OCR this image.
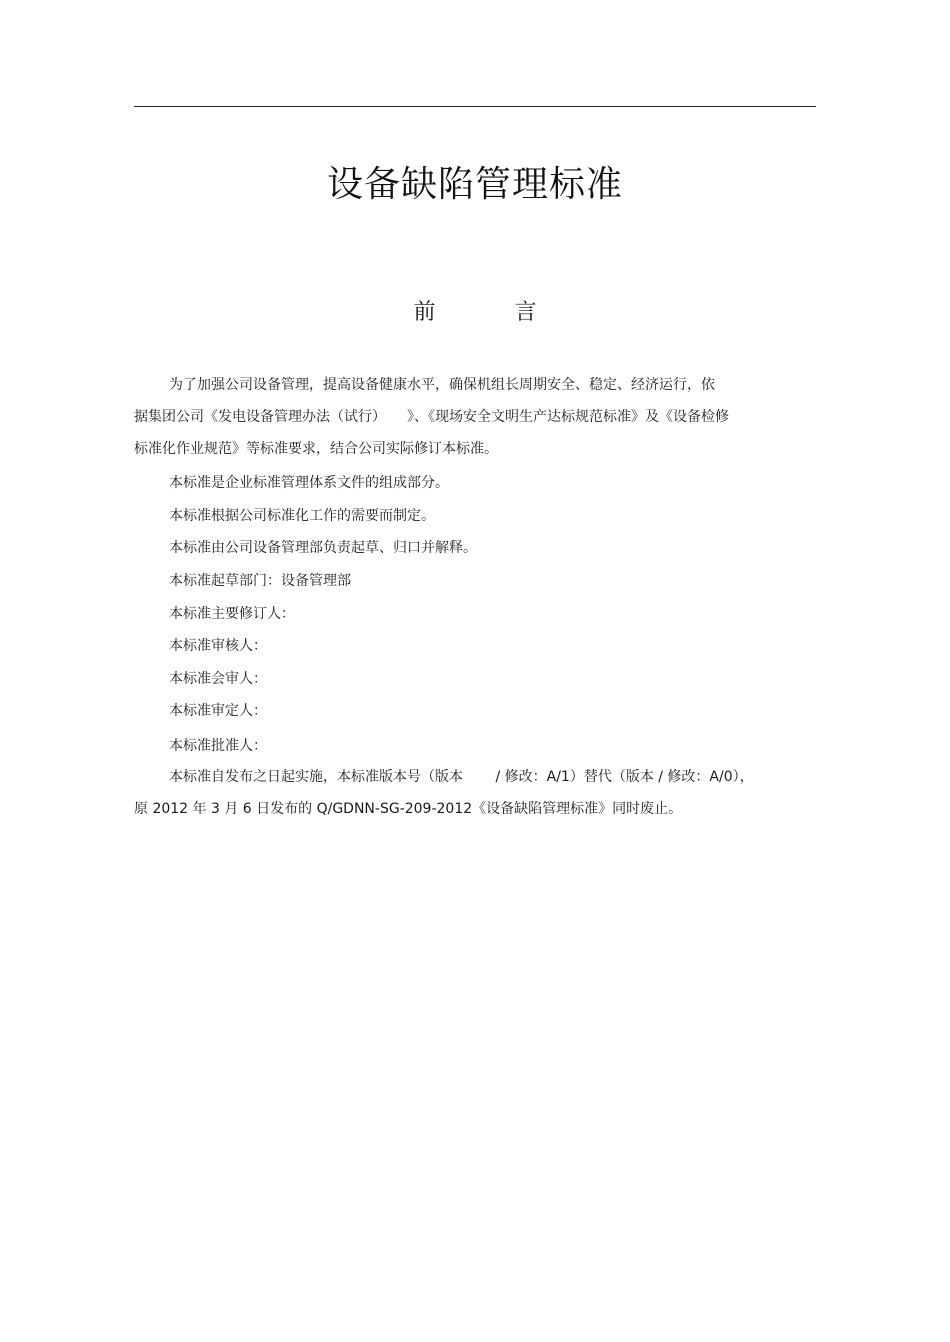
设备缺陷管理标准
前 言
为了加强公司设备管理，提高设备健康水平，确保机组长周期安全、稳定、经济运行，依
据集团公司《发电设备管理办法（试行）　　》、《现场安全文明生产达标规范标准》及《设备检修
标准化作业规范》等标准要求，结合公司实际修订本标准。
本标准是企业标准管理体系文件的组成部分。
本标准根据公司标准化工作的需要而制定。
本标准由公司设备管理部负责起草、归口并解释。
本标准起草部门：设备管理部
本标准主要修订人：
本标准审核人：
本标准会审人：
本标准审定人：
本标准批准人：
本标准自发布之日起实施，本标准版本号（版本　　 / 修改：A/1）替代（版本 / 修改：A/0），
原 2012 年 3 月 6 日发布的 Q/GDNN-SG-209-2012《设备缺陷管理标准》同时废止。
